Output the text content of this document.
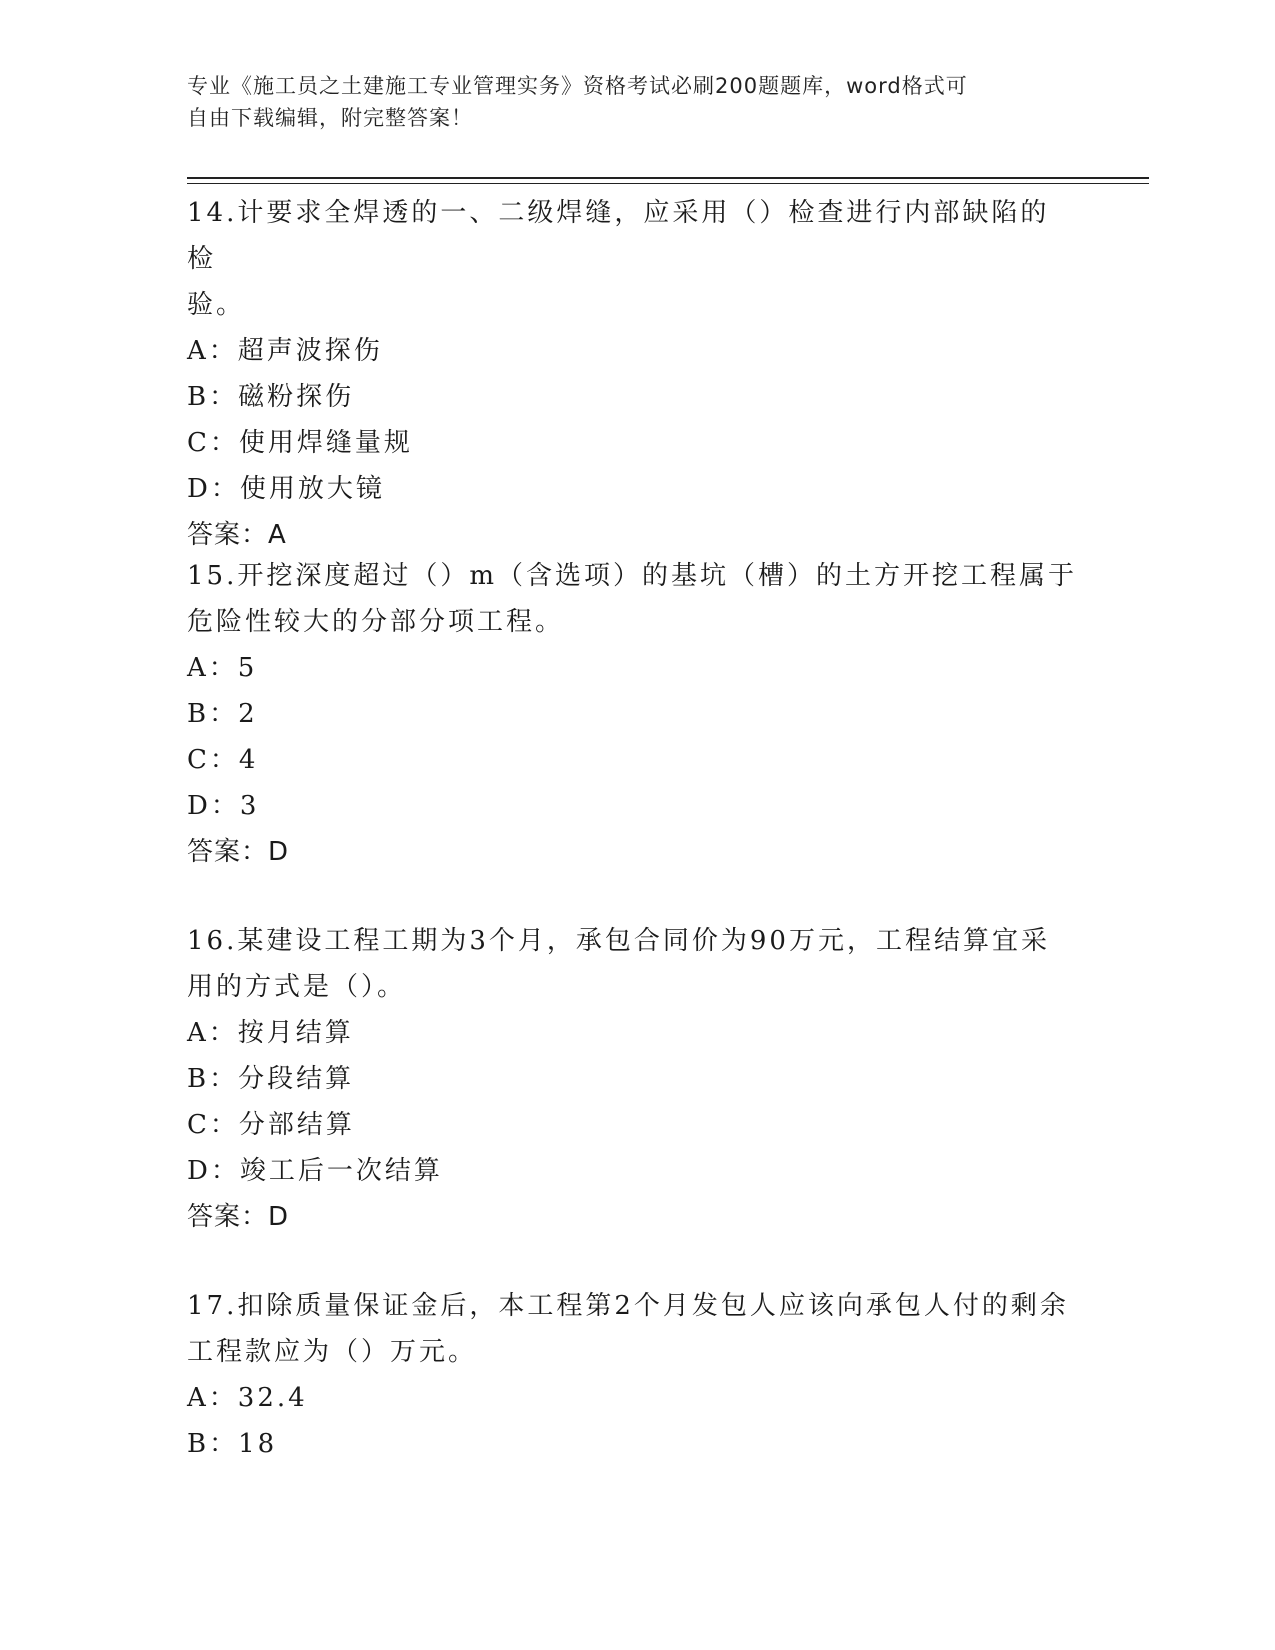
专业《施工员之土建施工专业管理实务》资格考试必刷200题题库，word格式可
自由下载编辑，附完整答案！

14.计要求全焊透的一、二级焊缝，应采用（）检查进行内部缺陷的检

验。

A：超声波探伤

B：磁粉探伤

C：使用焊缝量规

D：使用放大镜

答案：A

15.开挖深度超过（）m（含选项）的基坑（槽）的土方开挖工程属于

危险性较大的分部分项工程。

A：5

B：2

C：4

D：3

答案：D

16.某建设工程工期为3个月，承包合同价为90万元，工程结算宜采

用的方式是（）。

A：按月结算

B：分段结算

C：分部结算

D：竣工后一次结算

答案：D

17.扣除质量保证金后，本工程第2个月发包人应该向承包人付的剩余

工程款应为（）万元。

A：32.4

B：18
